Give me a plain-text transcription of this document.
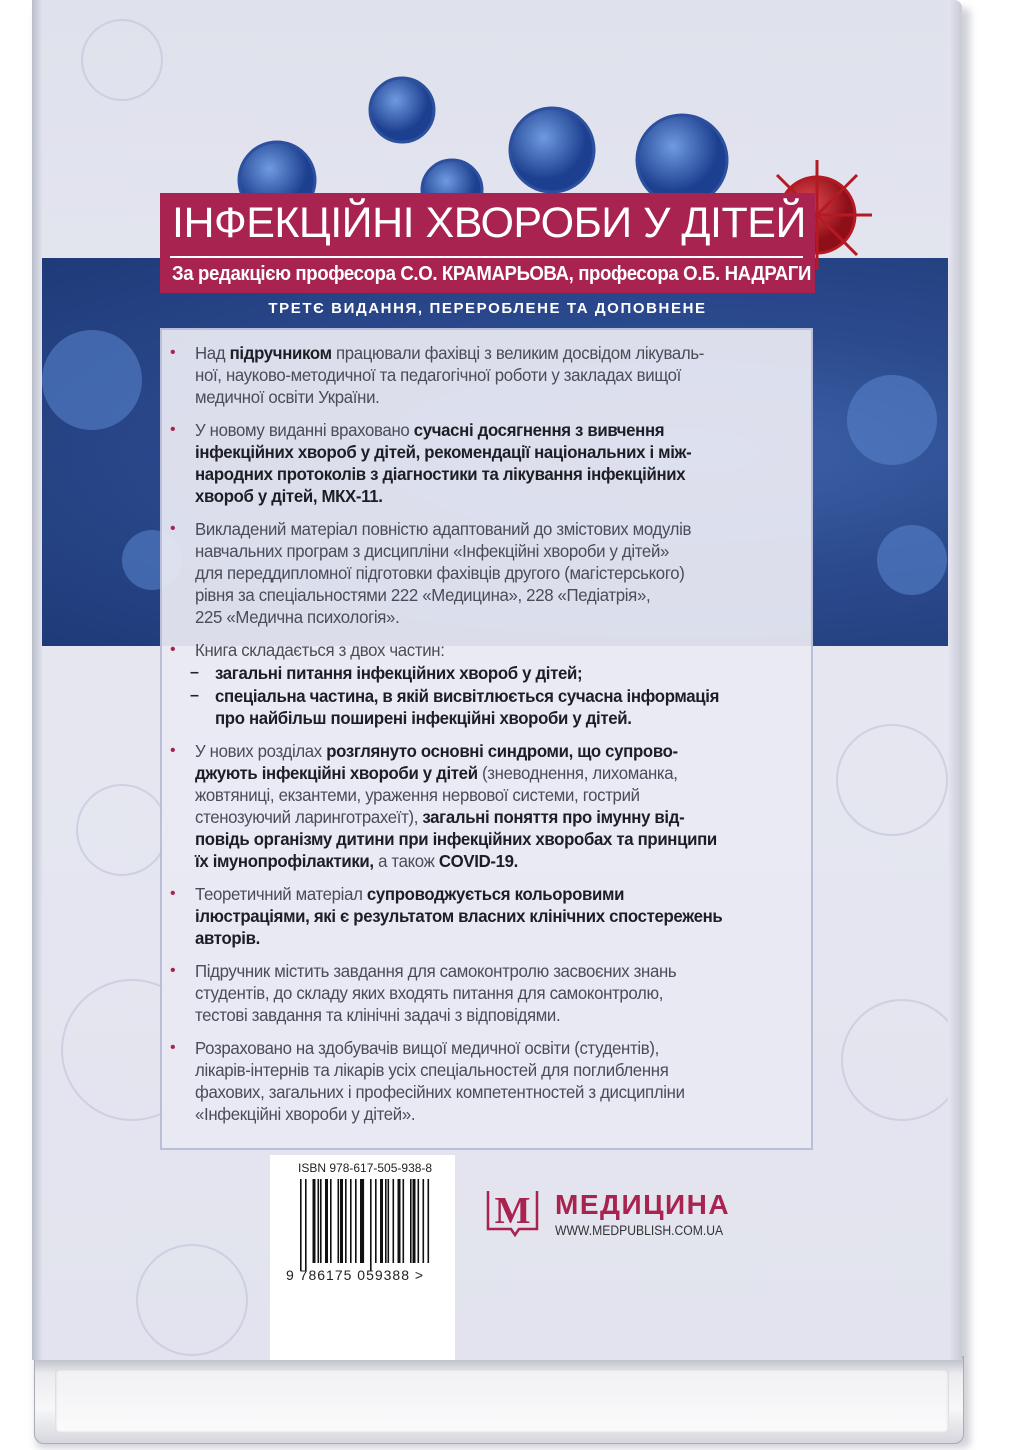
ІНФЕКЦІЙНІ ХВОРОБИ У ДІТЕЙ
За редакцією професора С.О. КРАМАРЬОВА, професора О.Б. НАДРАГИ
ТРЕТЄ ВИДАННЯ, ПЕРЕРОБЛЕНЕ ТА ДОПОВНЕНЕ
• Над підручником працювали фахівці з великим досвідом лікуваль-
ної, науково-методичної та педагогічної роботи у закладах вищої
медичної освіти України.
• У новому виданні враховано сучасні досягнення з вивчення
інфекційних хвороб у дітей, рекомендації національних і між-
народних протоколів з діагностики та лікування інфекційних
хвороб у дітей, МКХ-11.
• Викладений матеріал повністю адаптований до змістових модулів
навчальних програм з дисципліни «Інфекційні хвороби у дітей»
для переддипломної підготовки фахівців другого (магістерського)
рівня за спеціальностями 222 «Медицина», 228 «Педіатрія»,
225 «Медична психологія».
• Книга складається з двох частин:
– загальні питання інфекційних хвороб у дітей;
– спеціальна частина, в якій висвітлюється сучасна інформація
про найбільш поширені інфекційні хвороби у дітей.
• У нових розділах розглянуто основні синдроми, що супрово-
джують інфекційні хвороби у дітей (зневоднення, лихоманка,
жовтяниці, екзантеми, ураження нервової системи, гострий
стенозуючий ларинготрахеїт), загальні поняття про імунну від-
повідь організму дитини при інфекційних хворобах та принципи
їх імунопрофілактики, а також COVID-19.
• Теоретичний матеріал супроводжується кольоровими
ілюстраціями, які є результатом власних клінічних спостережень
авторів.
• Підручник містить завдання для самоконтролю засвоєних знань
студентів, до складу яких входять питання для самоконтролю,
тестові завдання та клінічні задачі з відповідями.
• Розраховано на здобувачів вищої медичної освіти (студентів),
лікарів-інтернів та лікарів усіх спеціальностей для поглиблення
фахових, загальних і професійних компетентностей з дисципліни
«Інфекційні хвороби у дітей».
ISBN 978-617-505-938-8
9 786175 059388 >
M МЕДИЦИНА
WWW.MEDPUBLISH.COM.UA
